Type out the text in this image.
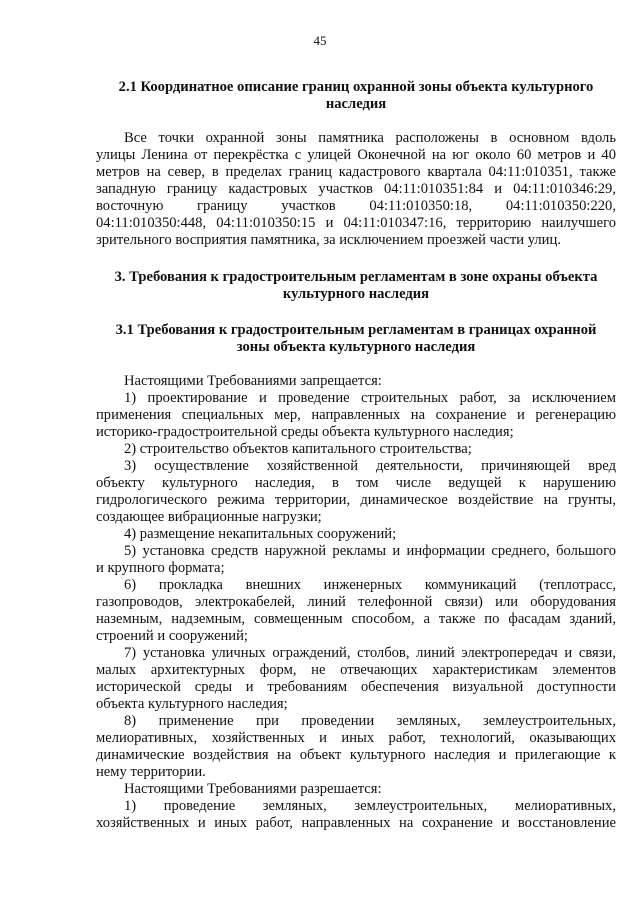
45
2.1 Координатное описание границ охранной зоны объекта культурного
наследия
Все точки охранной зоны памятника расположены в основном вдоль
улицы Ленина от перекрёстка с улицей Оконечной на юг около 60 метров и 40
метров на север, в пределах границ кадастрового квартала 04:11:010351, также
западную границу кадастровых участков 04:11:010351:84 и 04:11:010346:29,
восточную границу участков 04:11:010350:18, 04:11:010350:220,
04:11:010350:448, 04:11:010350:15 и 04:11:010347:16, территорию наилучшего
зрительного восприятия памятника, за исключением проезжей части улиц.
3. Требования к градостроительным регламентам в зоне охраны объекта
культурного наследия
3.1 Требования к градостроительным регламентам в границах охранной
зоны объекта культурного наследия
Настоящими Требованиями запрещается:
1) проектирование и проведение строительных работ, за исключением
применения специальных мер, направленных на сохранение и регенерацию
историко-градостроительной среды объекта культурного наследия;
2) строительство объектов капитального строительства;
3) осуществление хозяйственной деятельности, причиняющей вред
объекту культурного наследия, в том числе ведущей к нарушению
гидрологического режима территории, динамическое воздействие на грунты,
создающее вибрационные нагрузки;
4) размещение некапитальных сооружений;
5) установка средств наружной рекламы и информации среднего, большого
и крупного формата;
6) прокладка внешних инженерных коммуникаций (теплотрасс,
газопроводов, электрокабелей, линий телефонной связи) или оборудования
наземным, надземным, совмещенным способом, а также по фасадам зданий,
строений и сооружений;
7) установка уличных ограждений, столбов, линий электропередач и связи,
малых архитектурных форм, не отвечающих характеристикам элементов
исторической среды и требованиям обеспечения визуальной доступности
объекта культурного наследия;
8) применение при проведении земляных, землеустроительных,
мелиоративных, хозяйственных и иных работ, технологий, оказывающих
динамические воздействия на объект культурного наследия и прилегающие к
нему территории.
Настоящими Требованиями разрешается:
1) проведение земляных, землеустроительных, мелиоративных,
хозяйственных и иных работ, направленных на сохранение и восстановление
